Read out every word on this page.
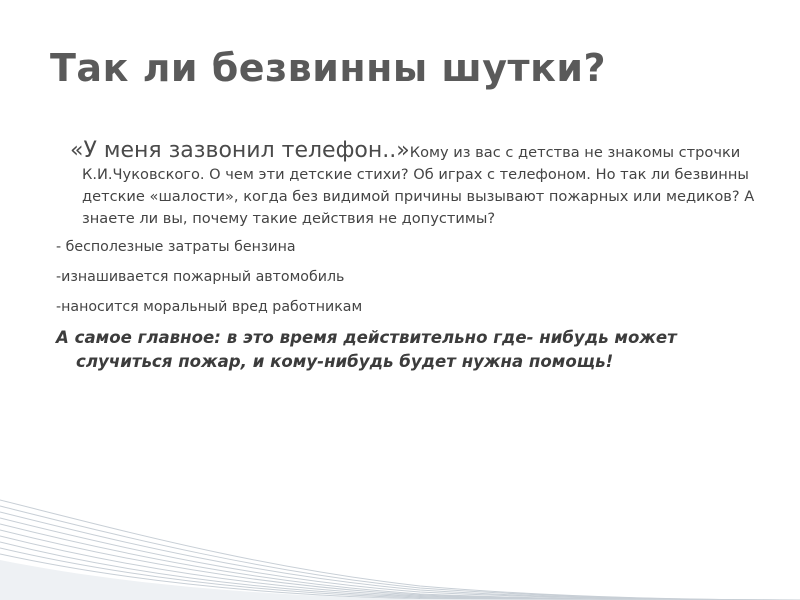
Так ли безвинны шутки?

«У меня зазвонил телефон..»Кому из вас с детства не знакомы строчки К.И.Чуковского. О чем эти детские стихи? Об играх с телефоном. Но так ли безвинны детские «шалости», когда без видимой причины вызывают пожарных или медиков? А знаете ли вы, почему такие действия не допустимы?

- бесполезные затраты бензина

-изнашивается пожарный автомобиль

-наносится моральный вред работникам

А самое главное: в это время действительно где- нибудь может случиться пожар, и кому-нибудь будет нужна помощь!
